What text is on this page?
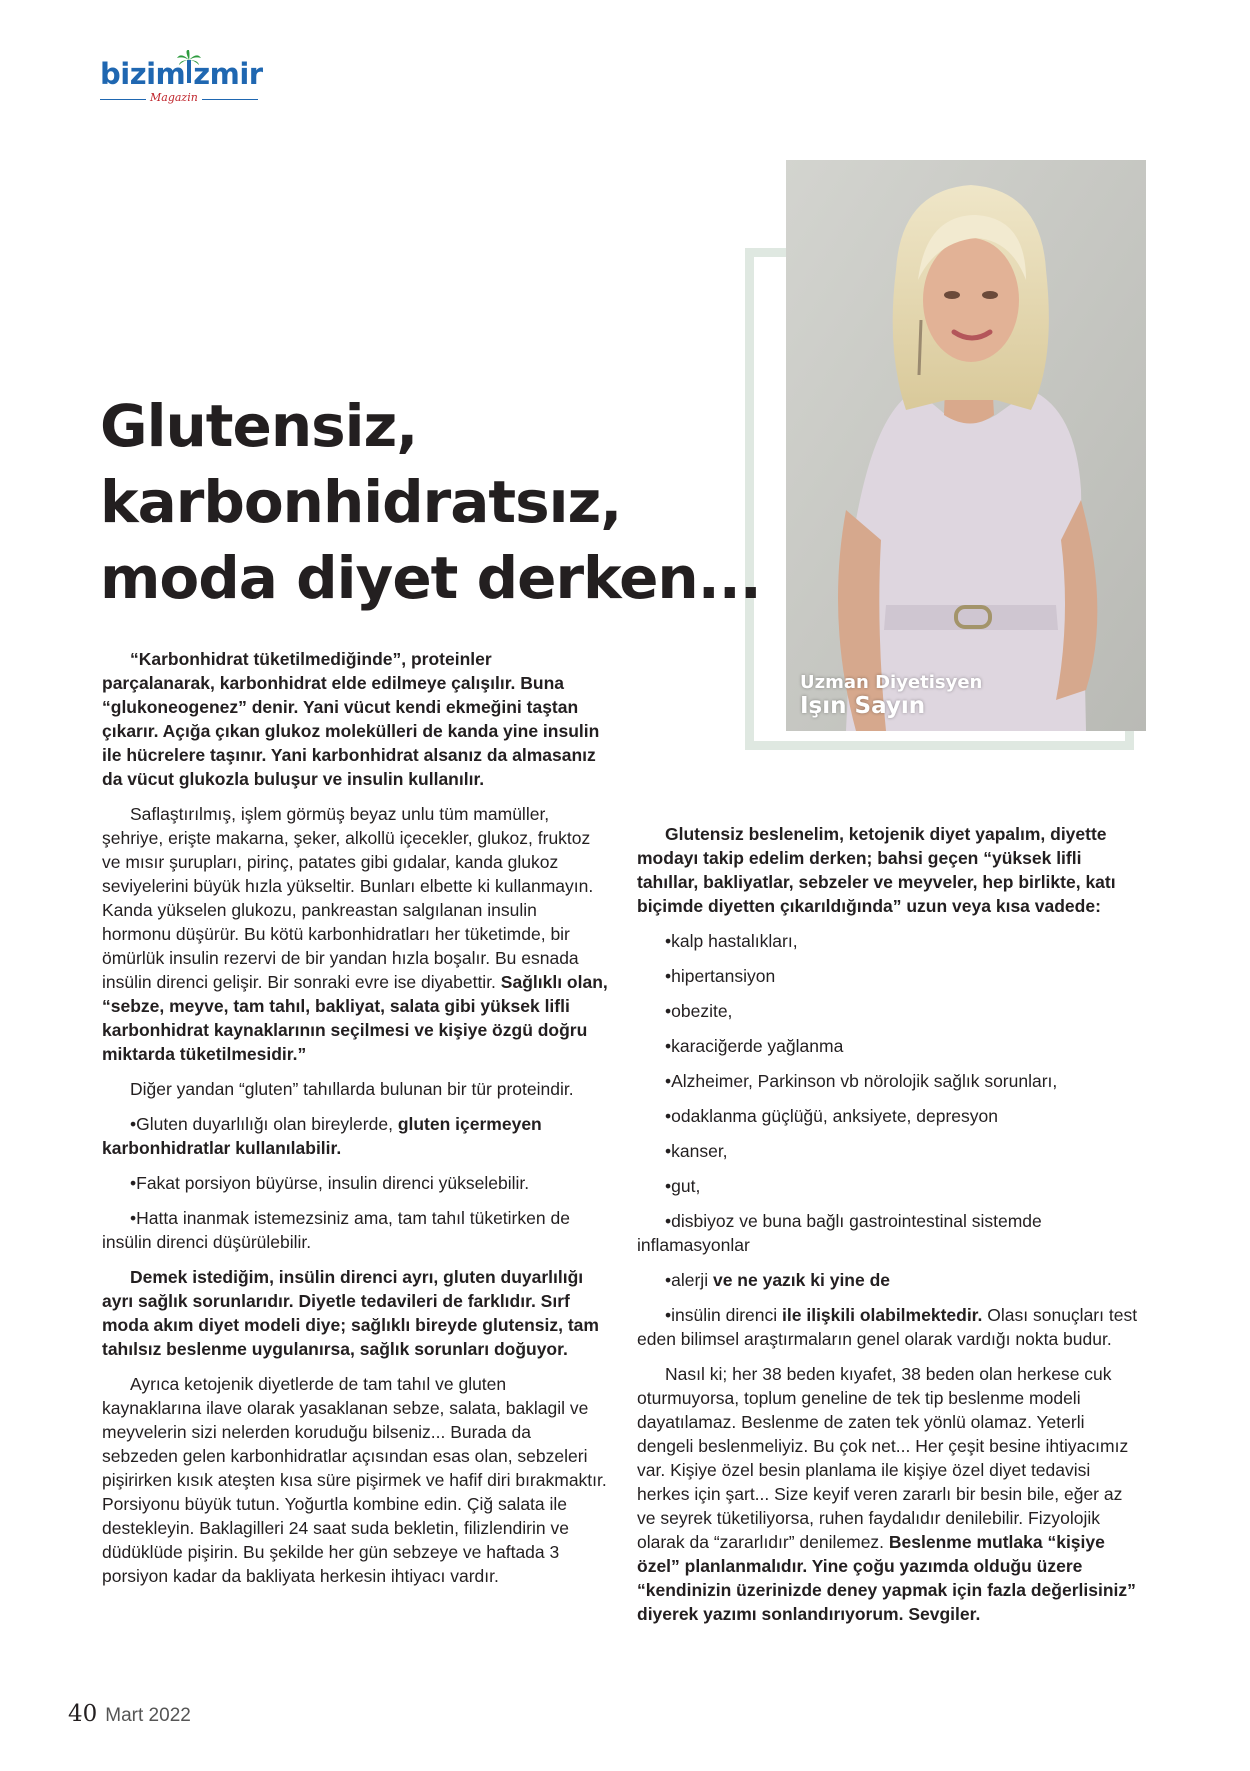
bizim zmir
Magazin
Uzman Diyetisyen
Işın Sayın
Glutensiz,
karbonhidratsız,
moda diyet derken...

“Karbonhidrat tüketilmediğinde”, proteinler parçalanarak, karbonhidrat elde edilmeye çalışılır. Buna “glukoneogenez” denir. Yani vücut kendi ekmeğini taştan çıkarır. Açığa çıkan glukoz molekülleri de kanda yine insulin ile hücrelere taşınır. Yani karbonhidrat alsanız da almasanız da vücut glukozla buluşur ve insulin kullanılır.

Saflaştırılmış, işlem görmüş beyaz unlu tüm mamüller, şehriye, erişte makarna, şeker, alkollü içecekler, glukoz, fruktoz ve mısır şurupları, pirinç, patates gibi gıdalar, kanda glukoz seviyelerini büyük hızla yükseltir. Bunları elbette ki kullanmayın. Kanda yükselen glukozu, pankreastan salgılanan insulin hormonu düşürür. Bu kötü karbonhidratları her tüketimde, bir ömürlük insulin rezervi de bir yandan hızla boşalır. Bu esnada insülin direnci gelişir. Bir sonraki evre ise diyabettir. Sağlıklı olan, “sebze, meyve, tam tahıl, bakliyat, salata gibi yüksek lifli karbonhidrat kaynaklarının seçilmesi ve kişiye özgü doğru miktarda tüketilmesidir.”

Diğer yandan “gluten” tahıllarda bulunan bir tür proteindir.

•Gluten duyarlılığı olan bireylerde, gluten içermeyen karbonhidratlar kullanılabilir.

•Fakat porsiyon büyürse, insulin direnci yükselebilir.

•Hatta inanmak istemezsiniz ama, tam tahıl tüketirken de insülin direnci düşürülebilir.

Demek istediğim, insülin direnci ayrı, gluten duyarlılığı ayrı sağlık sorunlarıdır. Diyetle tedavileri de farklıdır. Sırf moda akım diyet modeli diye; sağlıklı bireyde glutensiz, tam tahılsız beslenme uygulanırsa, sağlık sorunları doğuyor.

Ayrıca ketojenik diyetlerde de tam tahıl ve gluten kaynaklarına ilave olarak yasaklanan sebze, salata, baklagil ve meyvelerin sizi nelerden koruduğu bilseniz... Burada da sebzeden gelen karbonhidratlar açısından esas olan, sebzeleri pişirirken kısık ateşten kısa süre pişirmek ve hafif diri bırakmaktır. Porsiyonu büyük tutun. Yoğurtla kombine edin. Çiğ salata ile destekleyin. Baklagilleri 24 saat suda bekletin, filizlendirin ve düdüklüde pişirin. Bu şekilde her gün sebzeye ve haftada 3 porsiyon kadar da bakliyata herkesin ihtiyacı vardır.

Glutensiz beslenelim, ketojenik diyet yapalım, diyette modayı takip edelim derken; bahsi geçen “yüksek lifli tahıllar, bakliyatlar, sebzeler ve meyveler, hep birlikte, katı biçimde diyetten çıkarıldığında” uzun veya kısa vadede:

•kalp hastalıkları,
•hipertansiyon
•obezite,
•karaciğerde yağlanma
•Alzheimer, Parkinson vb nörolojik sağlık sorunları,
•odaklanma güçlüğü, anksiyete, depresyon
•kanser,
•gut,
•disbiyoz ve buna bağlı gastrointestinal sistemde inflamasyonlar
•alerji ve ne yazık ki yine de
•insülin direnci ile ilişkili olabilmektedir. Olası sonuçları test eden bilimsel araştırmaların genel olarak vardığı nokta budur.

Nasıl ki; her 38 beden kıyafet, 38 beden olan herkese cuk oturmuyorsa, toplum geneline de tek tip beslenme modeli dayatılamaz. Beslenme de zaten tek yönlü olamaz. Yeterli dengeli beslenmeliyiz. Bu çok net... Her çeşit besine ihtiyacımız var. Kişiye özel besin planlama ile kişiye özel diyet tedavisi herkes için şart... Size keyif veren zararlı bir besin bile, eğer az ve seyrek tüketiliyorsa, ruhen faydalıdır denilebilir. Fizyolojik olarak da “zararlıdır” denilemez. Beslenme mutlaka “kişiye özel” planlanmalıdır. Yine çoğu yazımda olduğu üzere “kendinizin üzerinizde deney yapmak için fazla değerlisiniz” diyerek yazımı sonlandırıyorum. Sevgiler.

40 Mart 2022
